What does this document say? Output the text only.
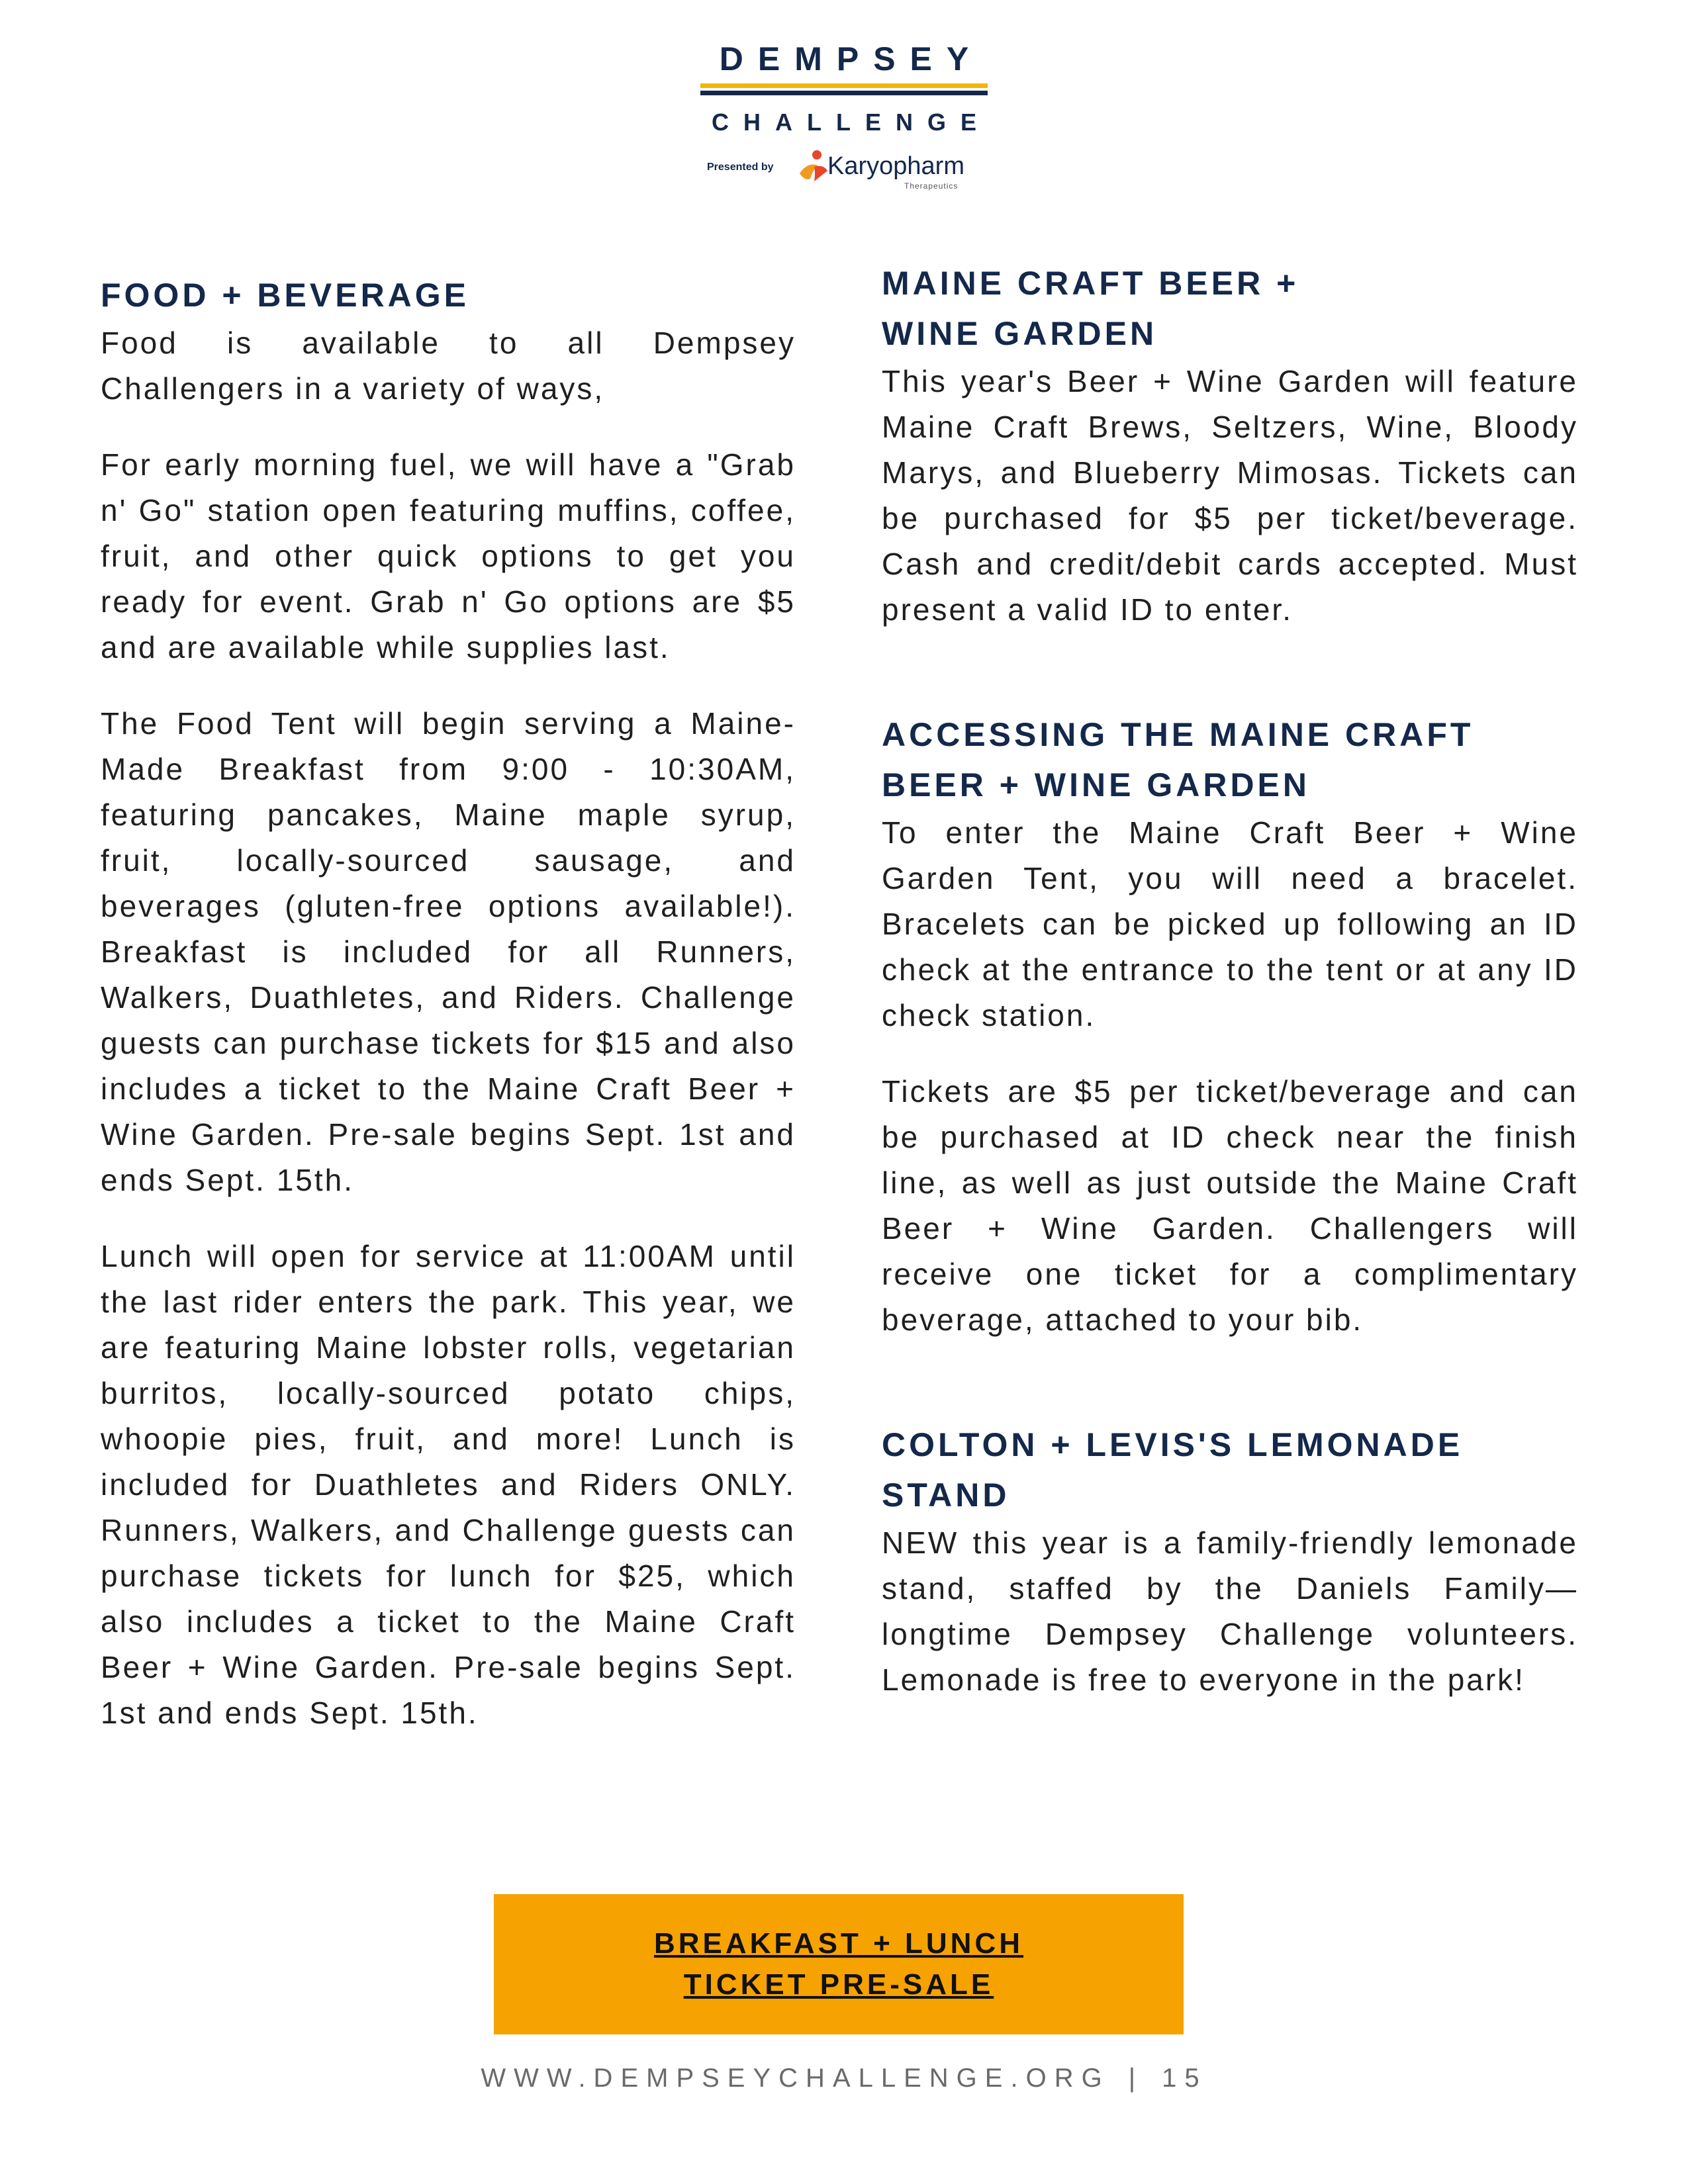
DEMPSEY
CHALLENGE
Presented by Karyopharm
Therapeutics
FOOD + BEVERAGE

Food is available to all Dempsey Challengers in a variety of ways,

For early morning fuel, we will have a "Grab n' Go" station open featuring muffins, coffee, fruit, and other quick options to get you ready for event. Grab n' Go options are $5 and are available while supplies last.

The Food Tent will begin serving a Maine-Made Breakfast from 9:00 - 10:30AM, featuring pancakes, Maine maple syrup, fruit, locally-sourced sausage, and beverages (gluten-free options available!). Breakfast is included for all Runners, Walkers, Duathletes, and Riders. Challenge guests can purchase tickets for $15 and also includes a ticket to the Maine Craft Beer + Wine Garden. Pre-sale begins Sept. 1st and ends Sept. 15th.

Lunch will open for service at 11:00AM until the last rider enters the park. This year, we are featuring Maine lobster rolls, vegetarian burritos, locally-sourced potato chips, whoopie pies, fruit, and more! Lunch is included for Duathletes and Riders ONLY. Runners, Walkers, and Challenge guests can purchase tickets for lunch for $25, which also includes a ticket to the Maine Craft Beer + Wine Garden. Pre-sale begins Sept. 1st and ends Sept. 15th.

MAINE CRAFT BEER +
WINE GARDEN

This year's Beer + Wine Garden will feature Maine Craft Brews, Seltzers, Wine, Bloody Marys, and Blueberry Mimosas. Tickets can be purchased for $5 per ticket/beverage. Cash and credit/debit cards accepted. Must present a valid ID to enter.

ACCESSING THE MAINE CRAFT
BEER + WINE GARDEN

To enter the Maine Craft Beer + Wine Garden Tent, you will need a bracelet. Bracelets can be picked up following an ID check at the entrance to the tent or at any ID check station.

Tickets are $5 per ticket/beverage and can be purchased at ID check near the finish line, as well as just outside the Maine Craft Beer + Wine Garden. Challengers will receive one ticket for a complimentary beverage, attached to your bib.

COLTON + LEVIS'S LEMONADE
STAND

NEW this year is a family-friendly lemonade stand, staffed by the Daniels Family—longtime Dempsey Challenge volunteers. Lemonade is free to everyone in the park!

BREAKFAST + LUNCH
TICKET PRE-SALE
WWW.DEMPSEYCHALLENGE.ORG | 15
